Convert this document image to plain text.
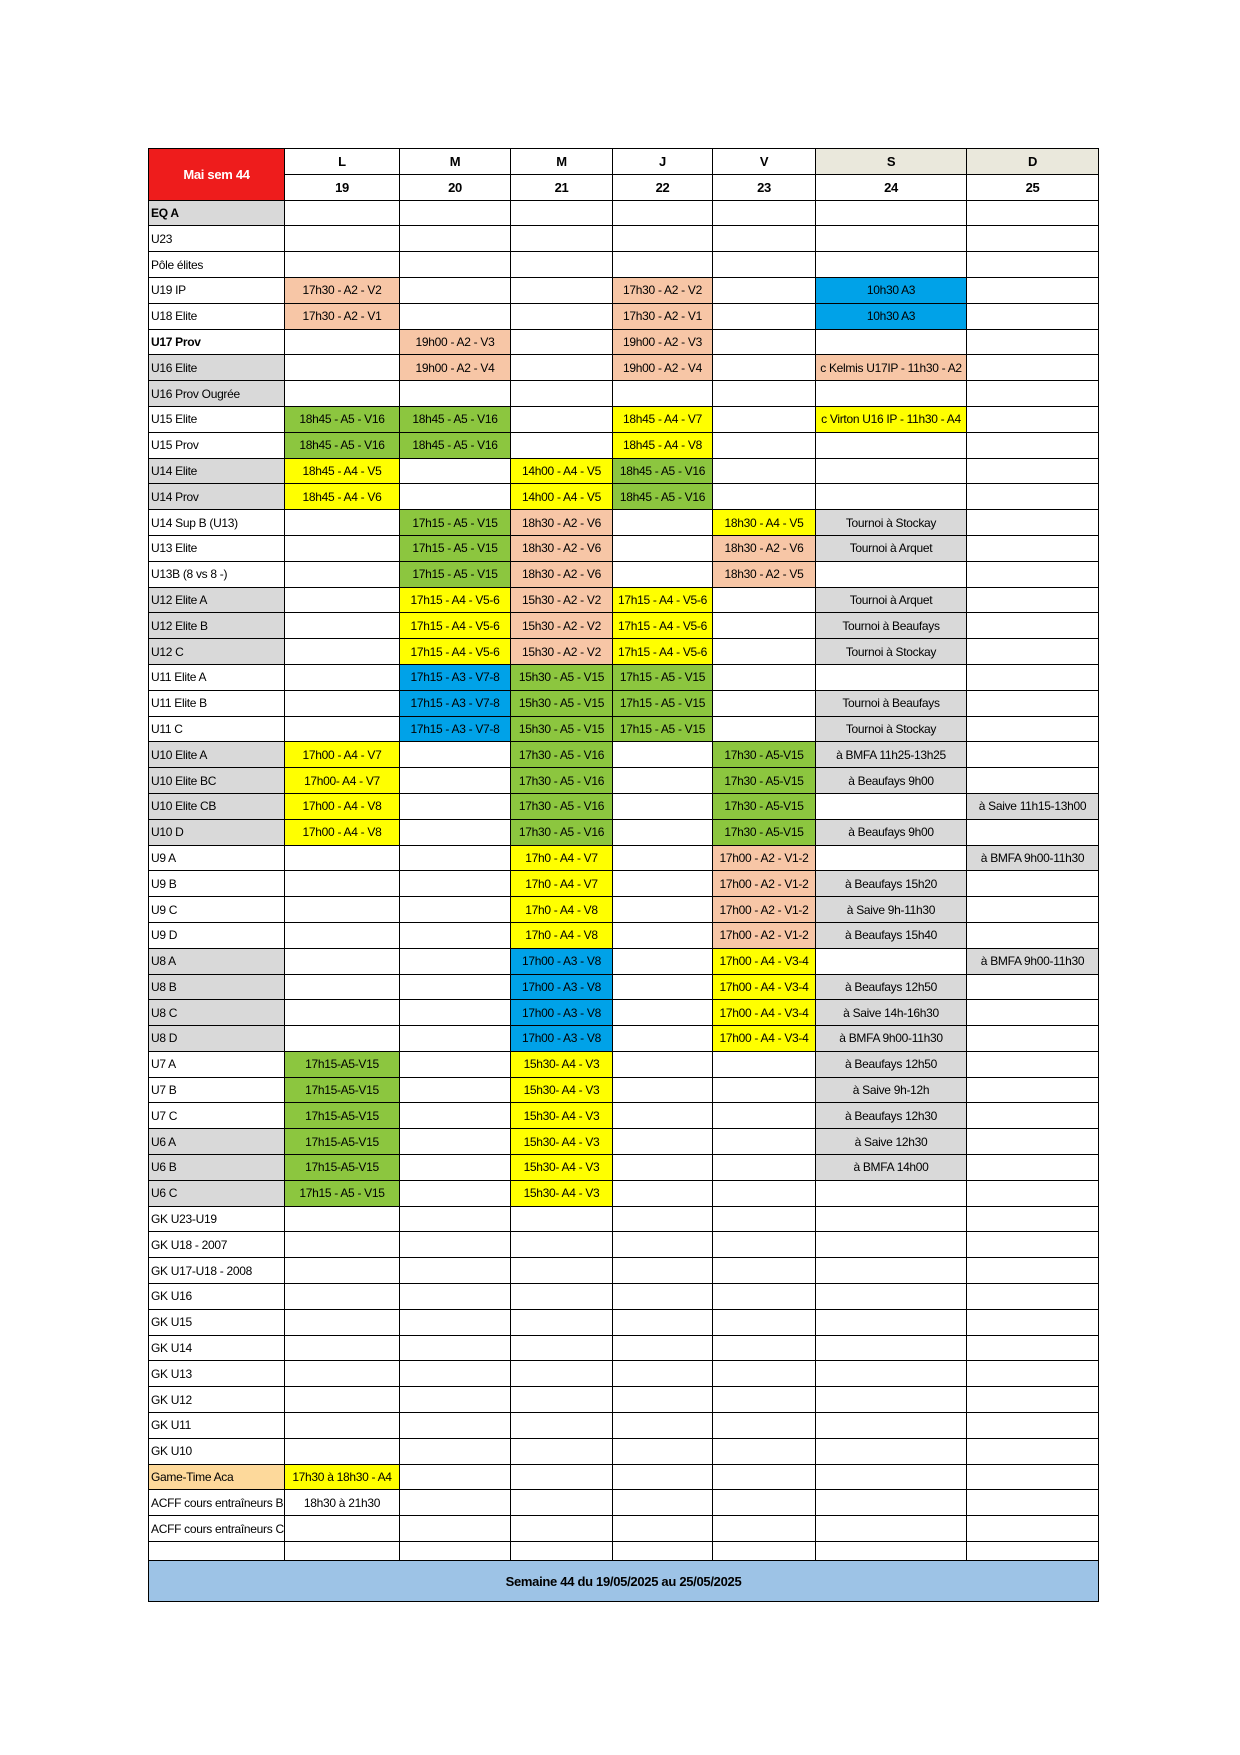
Mai sem 44	L	M	M	J	V	S	D
	19	20	21	22	23	24	25
EQ A							
U23							
Pôle élites							
U19 IP	17h30 - A2 - V2			17h30 - A2 - V2		10h30 A3	
U18 Elite	17h30 - A2 - V1			17h30 - A2 - V1		10h30 A3	
U17 Prov		19h00 - A2 - V3		19h00 - A2 - V3			
U16 Elite		19h00 - A2 - V4		19h00 - A2 - V4		c Kelmis U17IP - 11h30 - A2	
U16 Prov Ougrée							
U15 Elite	18h45 - A5 - V16	18h45 - A5 - V16		18h45 - A4 - V7		c Virton U16 IP - 11h30 - A4	
U15 Prov	18h45 - A5 - V16	18h45 - A5 - V16		18h45 - A4 - V8			
U14 Elite	18h45 - A4 - V5		14h00 - A4 - V5	18h45 - A5 - V16			
U14 Prov	18h45 - A4 - V6		14h00 - A4 - V5	18h45 - A5 - V16			
U14 Sup B (U13)		17h15 - A5 - V15	18h30 - A2 - V6		18h30 - A4 - V5	Tournoi à Stockay	
U13 Elite		17h15 - A5 - V15	18h30 - A2 - V6		18h30 - A2 - V6	Tournoi à Arquet	
U13B (8 vs 8 -)		17h15 - A5 - V15	18h30 - A2 - V6		18h30 - A2 - V5		
U12 Elite A		17h15 - A4 - V5-6	15h30 - A2 - V2	17h15 - A4 - V5-6		Tournoi à Arquet	
U12 Elite B		17h15 - A4 - V5-6	15h30 - A2 - V2	17h15 - A4 - V5-6		Tournoi à Beaufays	
U12 C		17h15 - A4 - V5-6	15h30 - A2 - V2	17h15 - A4 - V5-6		Tournoi à Stockay	
U11 Elite A		17h15 - A3 - V7-8	15h30 - A5 - V15	17h15 - A5 - V15			
U11 Elite B		17h15 - A3 - V7-8	15h30 - A5 - V15	17h15 - A5 - V15		Tournoi à Beaufays	
U11 C		17h15 - A3 - V7-8	15h30 - A5 - V15	17h15 - A5 - V15		Tournoi à Stockay	
U10 Elite A	17h00 - A4 - V7		17h30 - A5 - V16		17h30 - A5-V15	à BMFA 11h25-13h25	
U10 Elite BC	17h00- A4 - V7		17h30 - A5 - V16		17h30 - A5-V15	à Beaufays 9h00	
U10 Elite CB	17h00 - A4 - V8		17h30 - A5 - V16		17h30 - A5-V15		à Saive 11h15-13h00
U10 D	17h00 - A4 - V8		17h30 - A5 - V16		17h30 - A5-V15	à Beaufays 9h00	
U9 A			17h0 - A4 - V7		17h00 - A2 - V1-2		à BMFA 9h00-11h30
U9 B			17h0 - A4 - V7		17h00 - A2 - V1-2	à Beaufays 15h20	
U9 C			17h0 - A4 - V8		17h00 - A2 - V1-2	à Saive 9h-11h30	
U9 D			17h0 - A4 - V8		17h00 - A2 - V1-2	à Beaufays 15h40	
U8 A			17h00 - A3 - V8		17h00 - A4 - V3-4		à BMFA 9h00-11h30
U8 B			17h00 - A3 - V8		17h00 - A4 - V3-4	à Beaufays 12h50	
U8 C			17h00 - A3 - V8		17h00 - A4 - V3-4	à Saive 14h-16h30	
U8 D			17h00 - A3 - V8		17h00 - A4 - V3-4	à BMFA 9h00-11h30	
U7 A	17h15-A5-V15		15h30- A4 - V3			à Beaufays 12h50	
U7 B	17h15-A5-V15		15h30- A4 - V3			à Saive 9h-12h	
U7 C	17h15-A5-V15		15h30- A4 - V3			à Beaufays 12h30	
U6 A	17h15-A5-V15		15h30- A4 - V3			à Saive 12h30	
U6 B	17h15-A5-V15		15h30- A4 - V3			à BMFA 14h00	
U6 C	17h15 - A5 - V15		15h30- A4 - V3				
GK U23-U19							
GK U18 - 2007							
GK U17-U18 - 2008							
GK U16							
GK U15							
GK U14							
GK U13							
GK U12							
GK U11							
GK U10							
Game-Time Aca	17h30 à 18h30 - A4						
ACFF cours entraîneurs B	18h30 à 21h30						
ACFF cours entraîneurs C							

Semaine 44 du 19/05/2025 au 25/05/2025							
